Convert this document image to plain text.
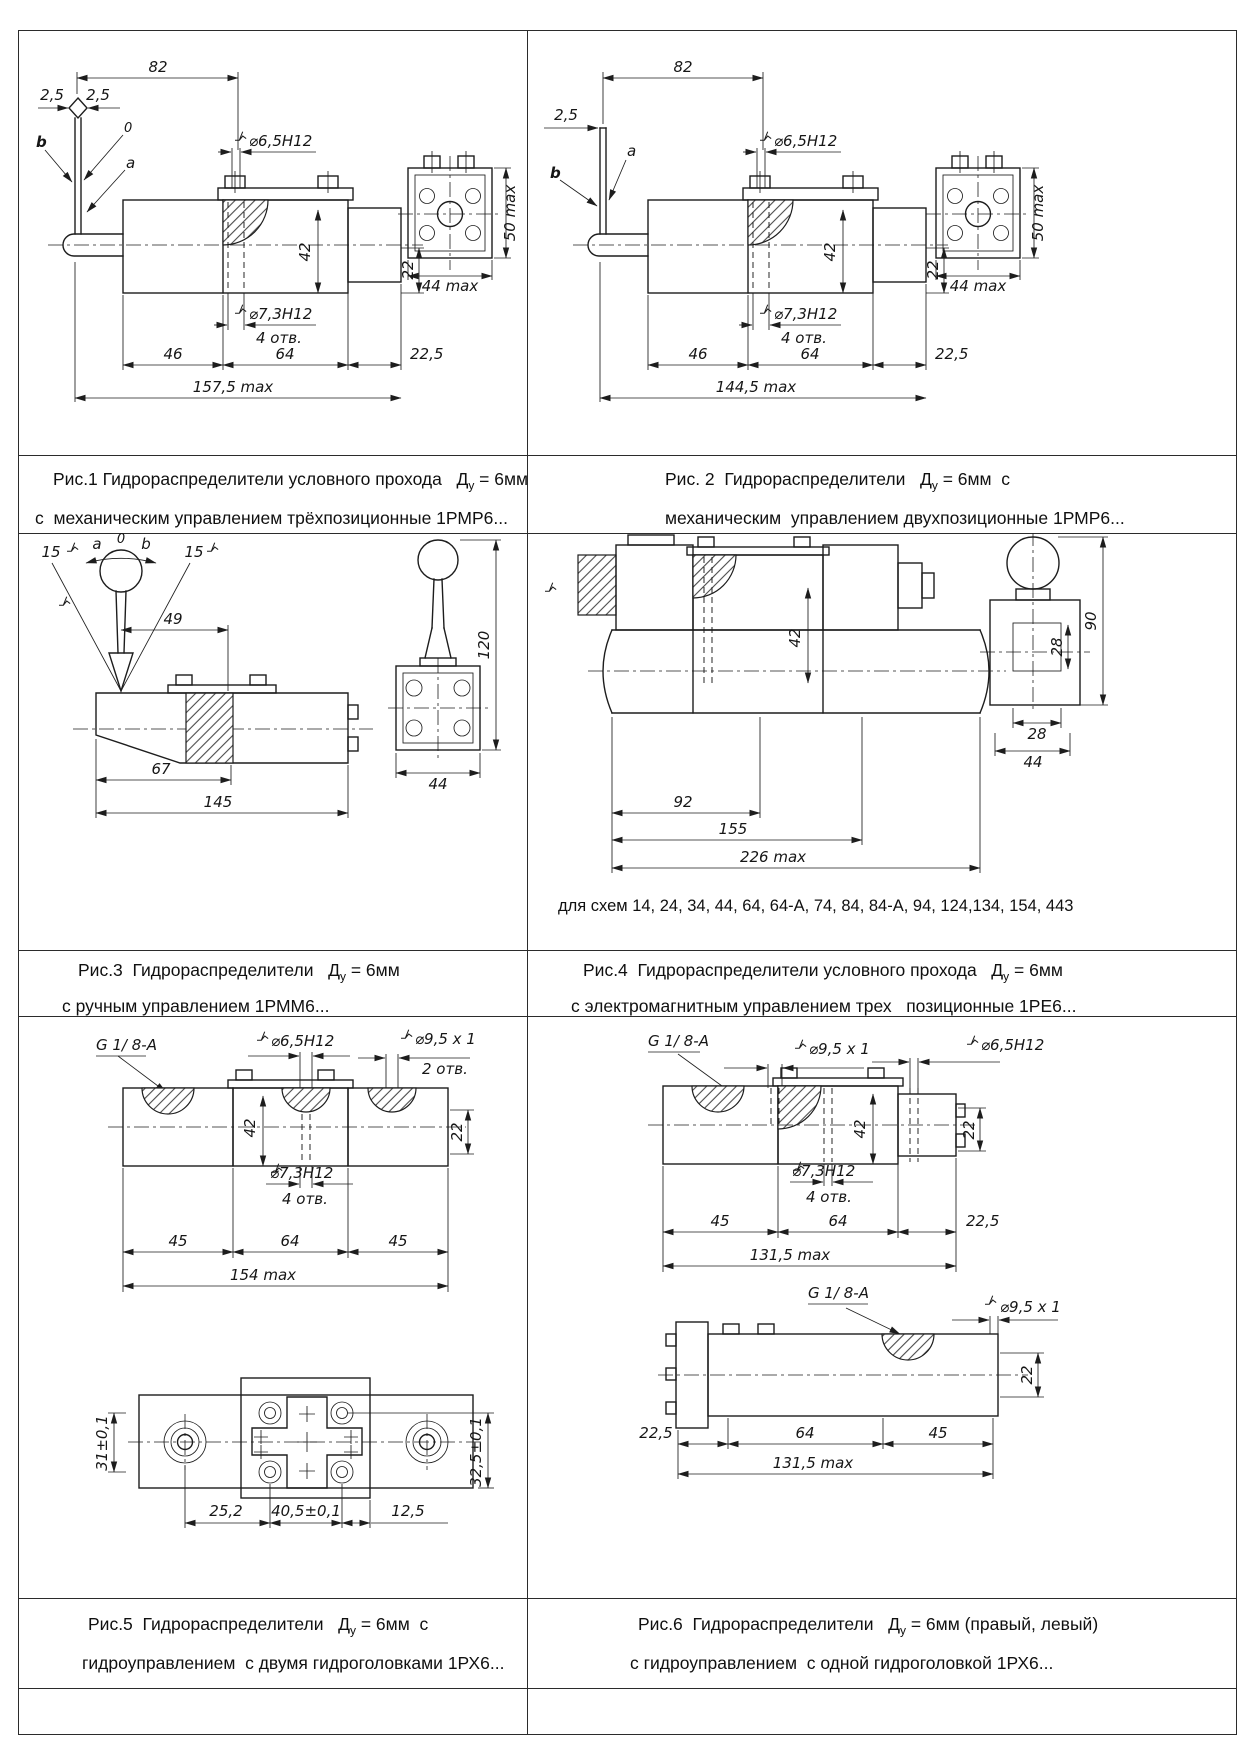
82
2,5 2,5
b
0
a
⌀6,5H12
⌀7,3H12
4 отв.
42
22
46	64	22,5
157,5 max
44 max
50 max
82
2,5
b
a
⌀6,5H12
⌀7,3H12
4 отв.
42
22
46	64	22,5
144,5 max
44 max
50 max
15	15
a 0 b
49
67
145
120
44
42
92
155
226 max
28
90
28
44
для схем 14, 24, 34, 44, 64, 64-А, 74, 84, 84-А, 94, 124,134, 154, 443
G 1/ 8-A	⌀6,5H12	⌀9,5 х 1
2 отв.
42	22
⌀7,3H12
4 отв.
45	64	45
154 max
31±0,1
25,2 40,5±0,1	12,5
32,5±0,1
G 1/ 8-A	⌀9,5 х 1	⌀6,5H12
42	22
⌀7,3H12
4 отв.
45	64	22,5
131,5 max
G 1/ 8-A
⌀9,5 х 1
22
22,5	64	45
131,5 max
Рис.1 Гидрораспределители условного прохода   $Д_у = 6мм$
с  механическим управлением трёхпозиционные 1РМР6...
Рис. 2  Гидрораспределители   $Д_у = 6мм$  с
механическим  управлением двухпозиционные 1РМР6...
Рис.3  Гидрораспределители   $Д_у = 6мм$
с ручным управлением 1РММ6...
Рис.4  Гидрораспределители условного прохода   $Д_у = 6мм$
с электромагнитным управлением трех   позиционные 1РЕ6...
Рис.5  Гидрораспределители   $Д_у = 6мм$  с
гидроуправлением  с двумя гидроголовками 1РХ6...
Рис.6  Гидрораспределители   $Д_у = 6мм$ (правый, левый)
с гидроуправлением  с одной гидроголовкой 1РХ6...
